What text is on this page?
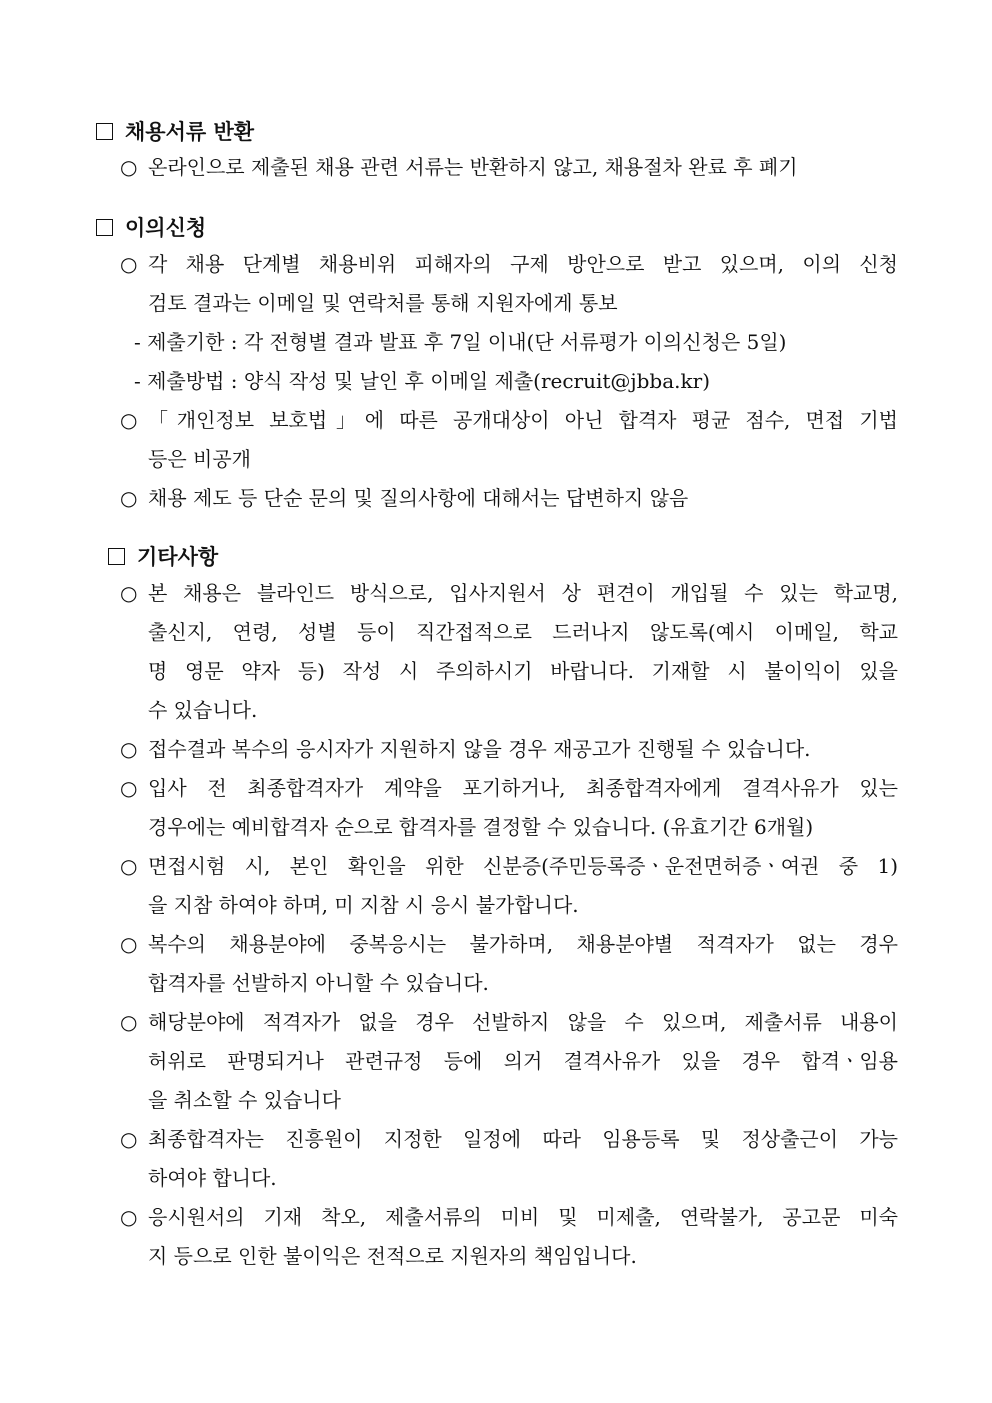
채용서류 반환
○ 온라인으로 제출된 채용 관련 서류는 반환하지 않고, 채용절차 완료 후 폐기
이의신청
○ 각 채용 단계별 채용비위 피해자의 구제 방안으로 받고 있으며, 이의 신청
검토 결과는 이메일 및 연락처를 통해 지원자에게 통보
- 제출기한 : 각 전형별 결과 발표 후 7일 이내(단 서류평가 이의신청은 5일)
- 제출방법 : 양식 작성 및 날인 후 이메일 제출(recruit@jbba.kr)
○ 「개인정보 보호법」에 따른 공개대상이 아닌 합격자 평균 점수, 면접 기법
등은 비공개
○ 채용 제도 등 단순 문의 및 질의사항에 대해서는 답변하지 않음
기타사항
○ 본 채용은 블라인드 방식으로, 입사지원서 상 편견이 개입될 수 있는 학교명,
출신지, 연령, 성별 등이 직간접적으로 드러나지 않도록(예시 이메일, 학교
명 영문 약자 등) 작성 시 주의하시기 바랍니다. 기재할 시 불이익이 있을
수 있습니다.
○ 접수결과 복수의 응시자가 지원하지 않을 경우 재공고가 진행될 수 있습니다.
○ 입사 전 최종합격자가 계약을 포기하거나, 최종합격자에게 결격사유가 있는
경우에는 예비합격자 순으로 합격자를 결정할 수 있습니다. (유효기간 6개월)
○ 면접시험 시, 본인 확인을 위한 신분증(주민등록증ㆍ운전면허증ㆍ여권 중 1)
을 지참 하여야 하며, 미 지참 시 응시 불가합니다.
○ 복수의 채용분야에 중복응시는 불가하며, 채용분야별 적격자가 없는 경우
합격자를 선발하지 아니할 수 있습니다.
○ 해당분야에 적격자가 없을 경우 선발하지 않을 수 있으며, 제출서류 내용이
허위로 판명되거나 관련규정 등에 의거 결격사유가 있을 경우 합격ㆍ임용
을 취소할 수 있습니다
○ 최종합격자는 진흥원이 지정한 일정에 따라 임용등록 및 정상출근이 가능
하여야 합니다.
○ 응시원서의 기재 착오, 제출서류의 미비 및 미제출, 연락불가, 공고문 미숙
지 등으로 인한 불이익은 전적으로 지원자의 책임입니다.
